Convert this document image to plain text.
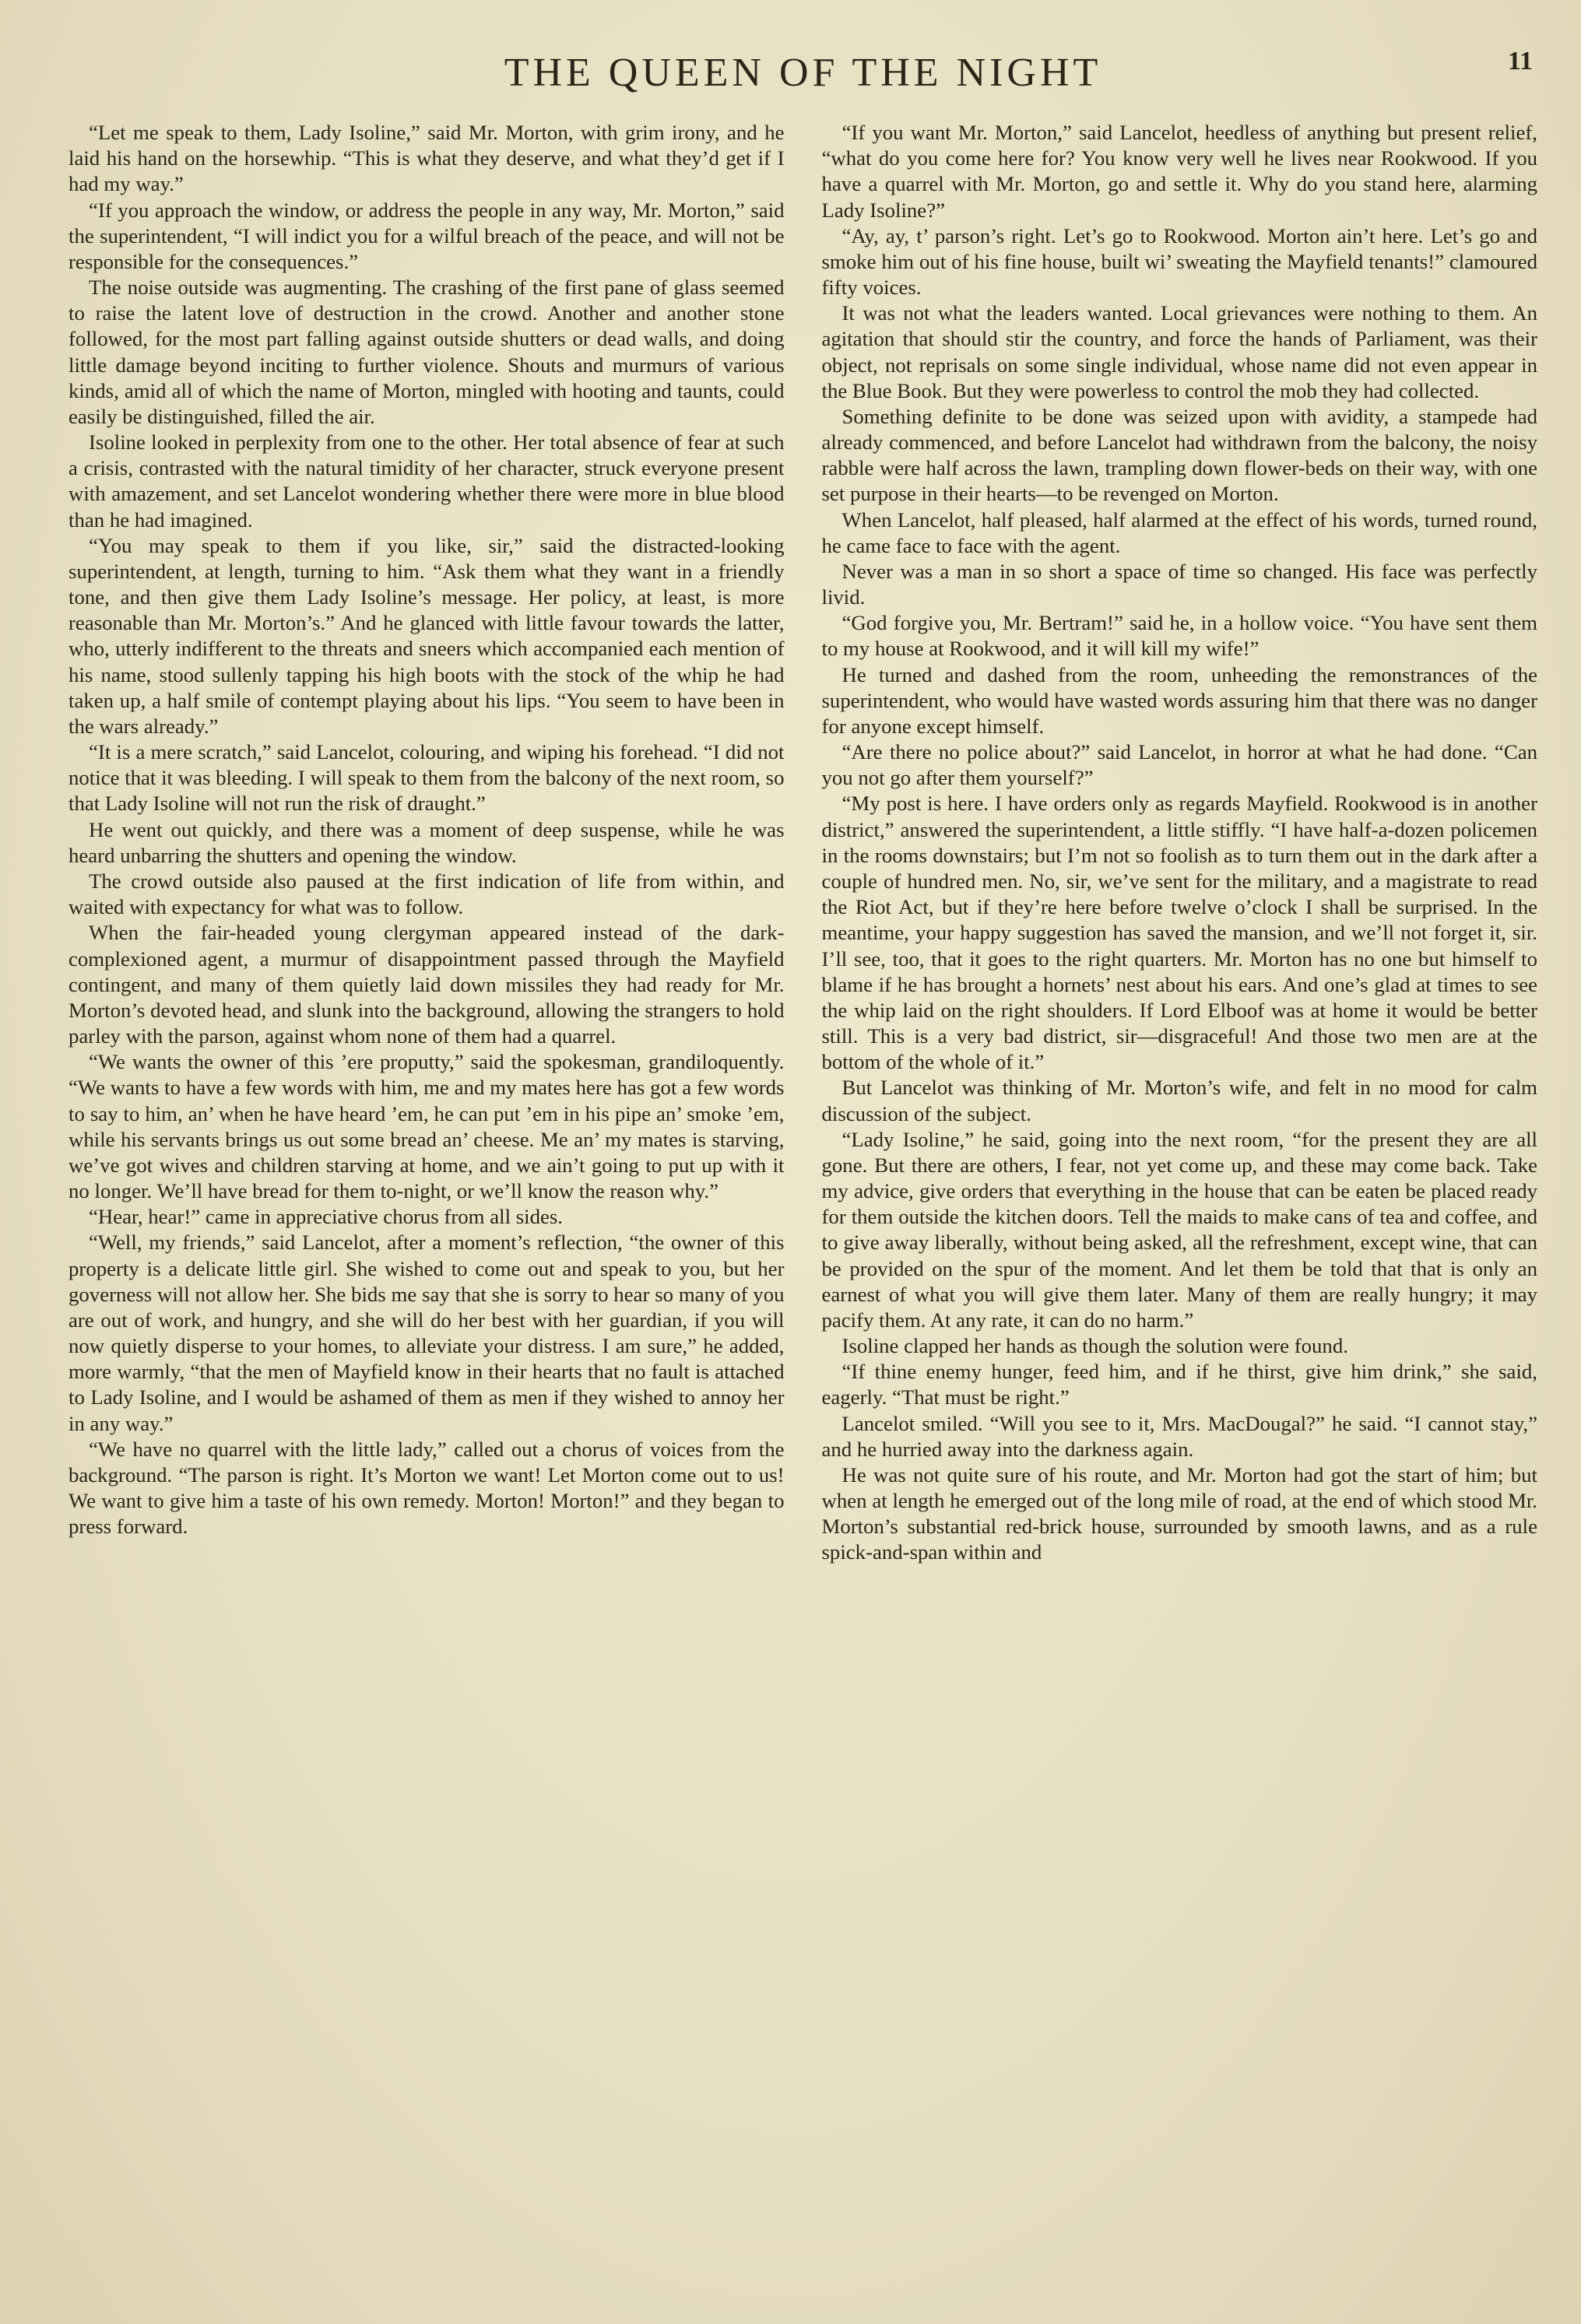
THE QUEEN OF THE NIGHT	11

“Let me speak to them, Lady Isoline,” said Mr. Morton, with grim irony, and he laid his hand on the horsewhip. “This is what they deserve, and what they’d get if I had my way.”

“If you approach the window, or address the people in any way, Mr. Morton,” said the superintendent, “I will indict you for a wilful breach of the peace, and will not be responsible for the consequences.”

The noise outside was augmenting. The crashing of the first pane of glass seemed to raise the latent love of destruction in the crowd. Another and another stone followed, for the most part falling against outside shutters or dead walls, and doing little damage beyond inciting to further violence. Shouts and murmurs of various kinds, amid all of which the name of Morton, mingled with hooting and taunts, could easily be distinguished, filled the air.

Isoline looked in perplexity from one to the other. Her total absence of fear at such a crisis, contrasted with the natural timidity of her character, struck everyone present with amazement, and set Lancelot wondering whether there were more in blue blood than he had imagined.

“You may speak to them if you like, sir,” said the distracted-looking superintendent, at length, turning to him. “Ask them what they want in a friendly tone, and then give them Lady Isoline’s message. Her policy, at least, is more reasonable than Mr. Morton’s.” And he glanced with little favour towards the latter, who, utterly indifferent to the threats and sneers which accompanied each mention of his name, stood sullenly tapping his high boots with the stock of the whip he had taken up, a half smile of contempt playing about his lips. “You seem to have been in the wars already.”

“It is a mere scratch,” said Lancelot, colouring, and wiping his forehead. “I did not notice that it was bleeding. I will speak to them from the balcony of the next room, so that Lady Isoline will not run the risk of draught.”

He went out quickly, and there was a moment of deep suspense, while he was heard unbarring the shutters and opening the window.

The crowd outside also paused at the first indication of life from within, and waited with expectancy for what was to follow.

When the fair-headed young clergyman appeared instead of the dark-complexioned agent, a murmur of disappointment passed through the Mayfield contingent, and many of them quietly laid down missiles they had ready for Mr. Morton’s devoted head, and slunk into the background, allowing the strangers to hold parley with the parson, against whom none of them had a quarrel.

“We wants the owner of this ’ere proputty,” said the spokesman, grandiloquently. “We wants to have a few words with him, me and my mates here has got a few words to say to him, an’ when he have heard ’em, he can put ’em in his pipe an’ smoke ’em, while his servants brings us out some bread an’ cheese. Me an’ my mates is starving, we’ve got wives and children starving at home, and we ain’t going to put up with it no longer. We’ll have bread for them to-night, or we’ll know the reason why.”

“Hear, hear!” came in appreciative chorus from all sides.

“Well, my friends,” said Lancelot, after a moment’s reflection, “the owner of this property is a delicate little girl. She wished to come out and speak to you, but her governess will not allow her. She bids me say that she is sorry to hear so many of you are out of work, and hungry, and she will do her best with her guardian, if you will now quietly disperse to your homes, to alleviate your distress. I am sure,” he added, more warmly, “that the men of Mayfield know in their hearts that no fault is attached to Lady Isoline, and I would be ashamed of them as men if they wished to annoy her in any way.”

“We have no quarrel with the little lady,” called out a chorus of voices from the background. “The parson is right. It’s Morton we want! Let Morton come out to us! We want to give him a taste of his own remedy. Morton! Morton!” and they began to press forward.

“If you want Mr. Morton,” said Lancelot, heedless of anything but present relief, “what do you come here for? You know very well he lives near Rookwood. If you have a quarrel with Mr. Morton, go and settle it. Why do you stand here, alarming Lady Isoline?”

“Ay, ay, t’ parson’s right. Let’s go to Rookwood. Morton ain’t here. Let’s go and smoke him out of his fine house, built wi’ sweating the Mayfield tenants!” clamoured fifty voices.

It was not what the leaders wanted. Local grievances were nothing to them. An agitation that should stir the country, and force the hands of Parliament, was their object, not reprisals on some single individual, whose name did not even appear in the Blue Book. But they were powerless to control the mob they had collected.

Something definite to be done was seized upon with avidity, a stampede had already commenced, and before Lancelot had withdrawn from the balcony, the noisy rabble were half across the lawn, trampling down flower-beds on their way, with one set purpose in their hearts—to be revenged on Morton.

When Lancelot, half pleased, half alarmed at the effect of his words, turned round, he came face to face with the agent.

Never was a man in so short a space of time so changed. His face was perfectly livid.

“God forgive you, Mr. Bertram!” said he, in a hollow voice. “You have sent them to my house at Rookwood, and it will kill my wife!”

He turned and dashed from the room, unheeding the remonstrances of the superintendent, who would have wasted words assuring him that there was no danger for anyone except himself.

“Are there no police about?” said Lancelot, in horror at what he had done. “Can you not go after them yourself?”

“My post is here. I have orders only as regards Mayfield. Rookwood is in another district,” answered the superintendent, a little stiffly. “I have half-a-dozen policemen in the rooms downstairs; but I’m not so foolish as to turn them out in the dark after a couple of hundred men. No, sir, we’ve sent for the military, and a magistrate to read the Riot Act, but if they’re here before twelve o’clock I shall be surprised. In the meantime, your happy suggestion has saved the mansion, and we’ll not forget it, sir. I’ll see, too, that it goes to the right quarters. Mr. Morton has no one but himself to blame if he has brought a hornets’ nest about his ears. And one’s glad at times to see the whip laid on the right shoulders. If Lord Elboof was at home it would be better still. This is a very bad district, sir—disgraceful! And those two men are at the bottom of the whole of it.”

But Lancelot was thinking of Mr. Morton’s wife, and felt in no mood for calm discussion of the subject.

“Lady Isoline,” he said, going into the next room, “for the present they are all gone. But there are others, I fear, not yet come up, and these may come back. Take my advice, give orders that everything in the house that can be eaten be placed ready for them outside the kitchen doors. Tell the maids to make cans of tea and coffee, and to give away liberally, without being asked, all the refreshment, except wine, that can be provided on the spur of the moment. And let them be told that that is only an earnest of what you will give them later. Many of them are really hungry; it may pacify them. At any rate, it can do no harm.”

Isoline clapped her hands as though the solution were found.

“If thine enemy hunger, feed him, and if he thirst, give him drink,” she said, eagerly. “That must be right.”

Lancelot smiled. “Will you see to it, Mrs. MacDougal?” he said. “I cannot stay,” and he hurried away into the darkness again.

He was not quite sure of his route, and Mr. Morton had got the start of him; but when at length he emerged out of the long mile of road, at the end of which stood Mr. Morton’s substantial red-brick house, surrounded by smooth lawns, and as a rule spick-and-span within and
